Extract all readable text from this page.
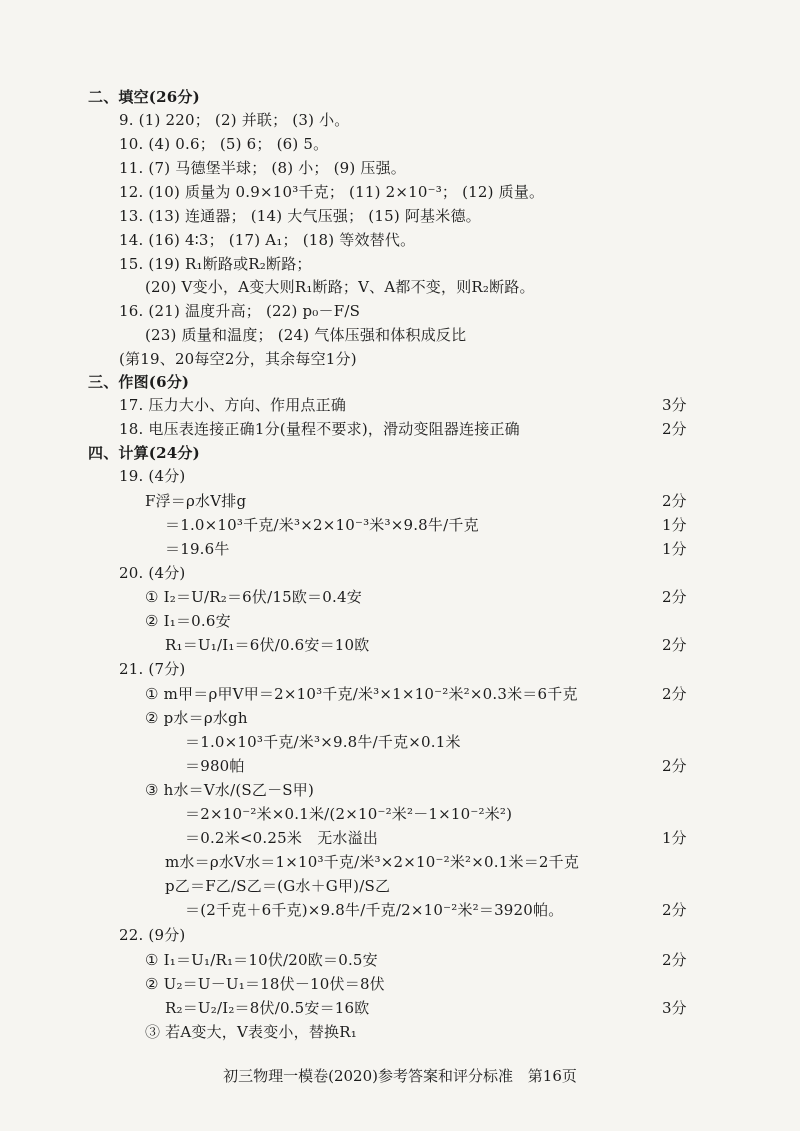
二、填空(26分)
9. (1) 220； (2) 并联； (3) 小。
10. (4) 0.6； (5) 6； (6) 5。
11. (7) 马德堡半球； (8) 小； (9) 压强。
12. (10) 质量为 0.9×10³千克； (11) 2×10⁻³； (12) 质量。
13. (13) 连通器； (14) 大气压强； (15) 阿基米德。
14. (16) 4∶3； (17) A₁； (18) 等效替代。
15. (19) R₁断路或R₂断路；
(20) V变小，A变大则R₁断路；V、A都不变，则R₂断路。
16. (21) 温度升高； (22) p₀－F/S
(23) 质量和温度； (24) 气体压强和体积成反比
(第19、20每空2分，其余每空1分)
三、作图(6分)
17. 压力大小、方向、作用点正确	3分
18. 电压表连接正确1分(量程不要求)，滑动变阻器连接正确	2分
四、计算(24分)
19. (4分)
F浮＝ρ水V排g	2分
＝1.0×10³千克/米³×2×10⁻³米³×9.8牛/千克	1分
＝19.6牛	1分
20. (4分)
① I₂＝U/R₂＝6伏/15欧＝0.4安	2分
② I₁＝0.6安
R₁＝U₁/I₁＝6伏/0.6安＝10欧	2分
21. (7分)
① m甲＝ρ甲V甲＝2×10³千克/米³×1×10⁻²米²×0.3米＝6千克	2分
② p水＝ρ水gh
＝1.0×10³千克/米³×9.8牛/千克×0.1米
＝980帕	2分
③ h水＝V水/(S乙－S甲)
＝2×10⁻²米×0.1米/(2×10⁻²米²－1×10⁻²米²)
＝0.2米<0.25米　无水溢出	1分
m水＝ρ水V水＝1×10³千克/米³×2×10⁻²米²×0.1米＝2千克
p乙＝F乙/S乙＝(G水＋G甲)/S乙
＝(2千克＋6千克)×9.8牛/千克/2×10⁻²米²＝3920帕。	2分
22. (9分)
① I₁＝U₁/R₁＝10伏/20欧＝0.5安	2分
② U₂＝U－U₁＝18伏－10伏＝8伏
R₂＝U₂/I₂＝8伏/0.5安＝16欧	3分
③ 若A变大，V表变小，替换R₁
初三物理一模卷(2020)参考答案和评分标准 第16页
